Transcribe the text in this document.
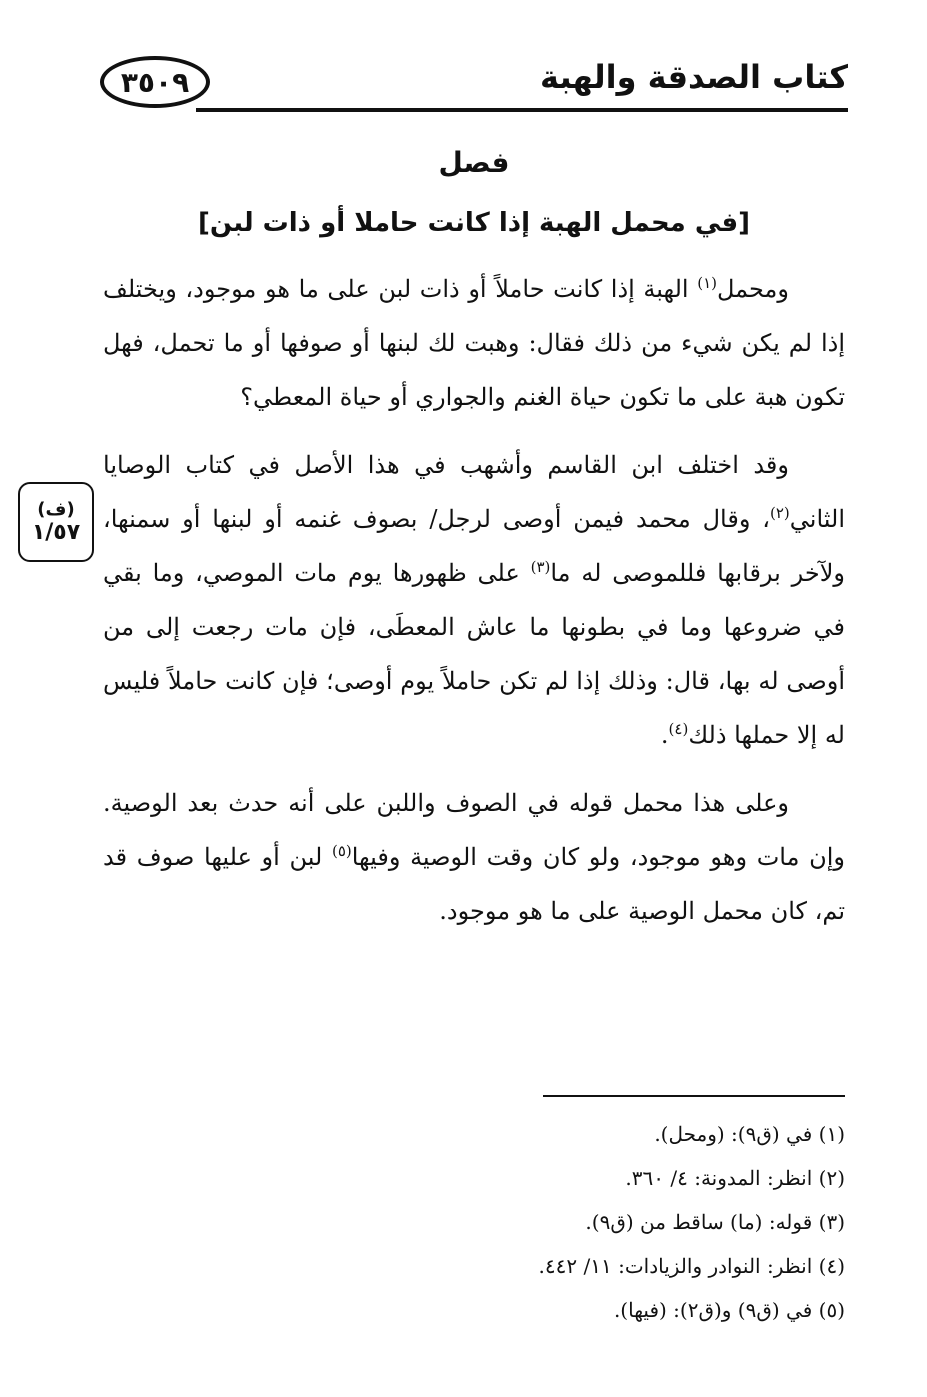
٣٥٠٩	كتاب الصدقة والهبة
فصل
[في محمل الهبة إذا كانت حاملا أو ذات لبن]
(ف)
١/٥٧

ومحمل$^{(١)}$ الهبة إذا كانت حاملاً أو ذات لبن على ما هو موجود، ويختلف إذا لم يكن شيء من ذلك فقال: وهبت لك لبنها أو صوفها أو ما تحمل، فهل تكون هبة على ما تكون حياة الغنم والجواري أو حياة المعطي؟

وقد اختلف ابن القاسم وأشهب في هذا الأصل في كتاب الوصايا الثاني$^{(٢)}$، وقال محمد فيمن أوصى لرجل/ بصوف غنمه أو لبنها أو سمنها، ولآخر برقابها فللموصى له ما$^{(٣)}$ على ظهورها يوم مات الموصي، وما بقي في ضروعها وما في بطونها ما عاش المعطَى، فإن مات رجعت إلى من أوصى له بها، قال: وذلك إذا لم تكن حاملاً يوم أوصى؛ فإن كانت حاملاً فليس له إلا حملها ذلك$^{(٤)}$.

وعلى هذا محمل قوله في الصوف واللبن على أنه حدث بعد الوصية. وإن مات وهو موجود، ولو كان وقت الوصية وفيها$^{(٥)}$ لبن أو عليها صوف قد تم، كان محمل الوصية على ما هو موجود.

(١) في (ق٩): (ومحل).
(٢) انظر: المدونة: ٤/ ٣٦٠.
(٣) قوله: (ما) ساقط من (ق٩).
(٤) انظر: النوادر والزيادات: ١١/ ٤٤٢.
(٥) في (ق٩) و(ق٢): (فيها).
